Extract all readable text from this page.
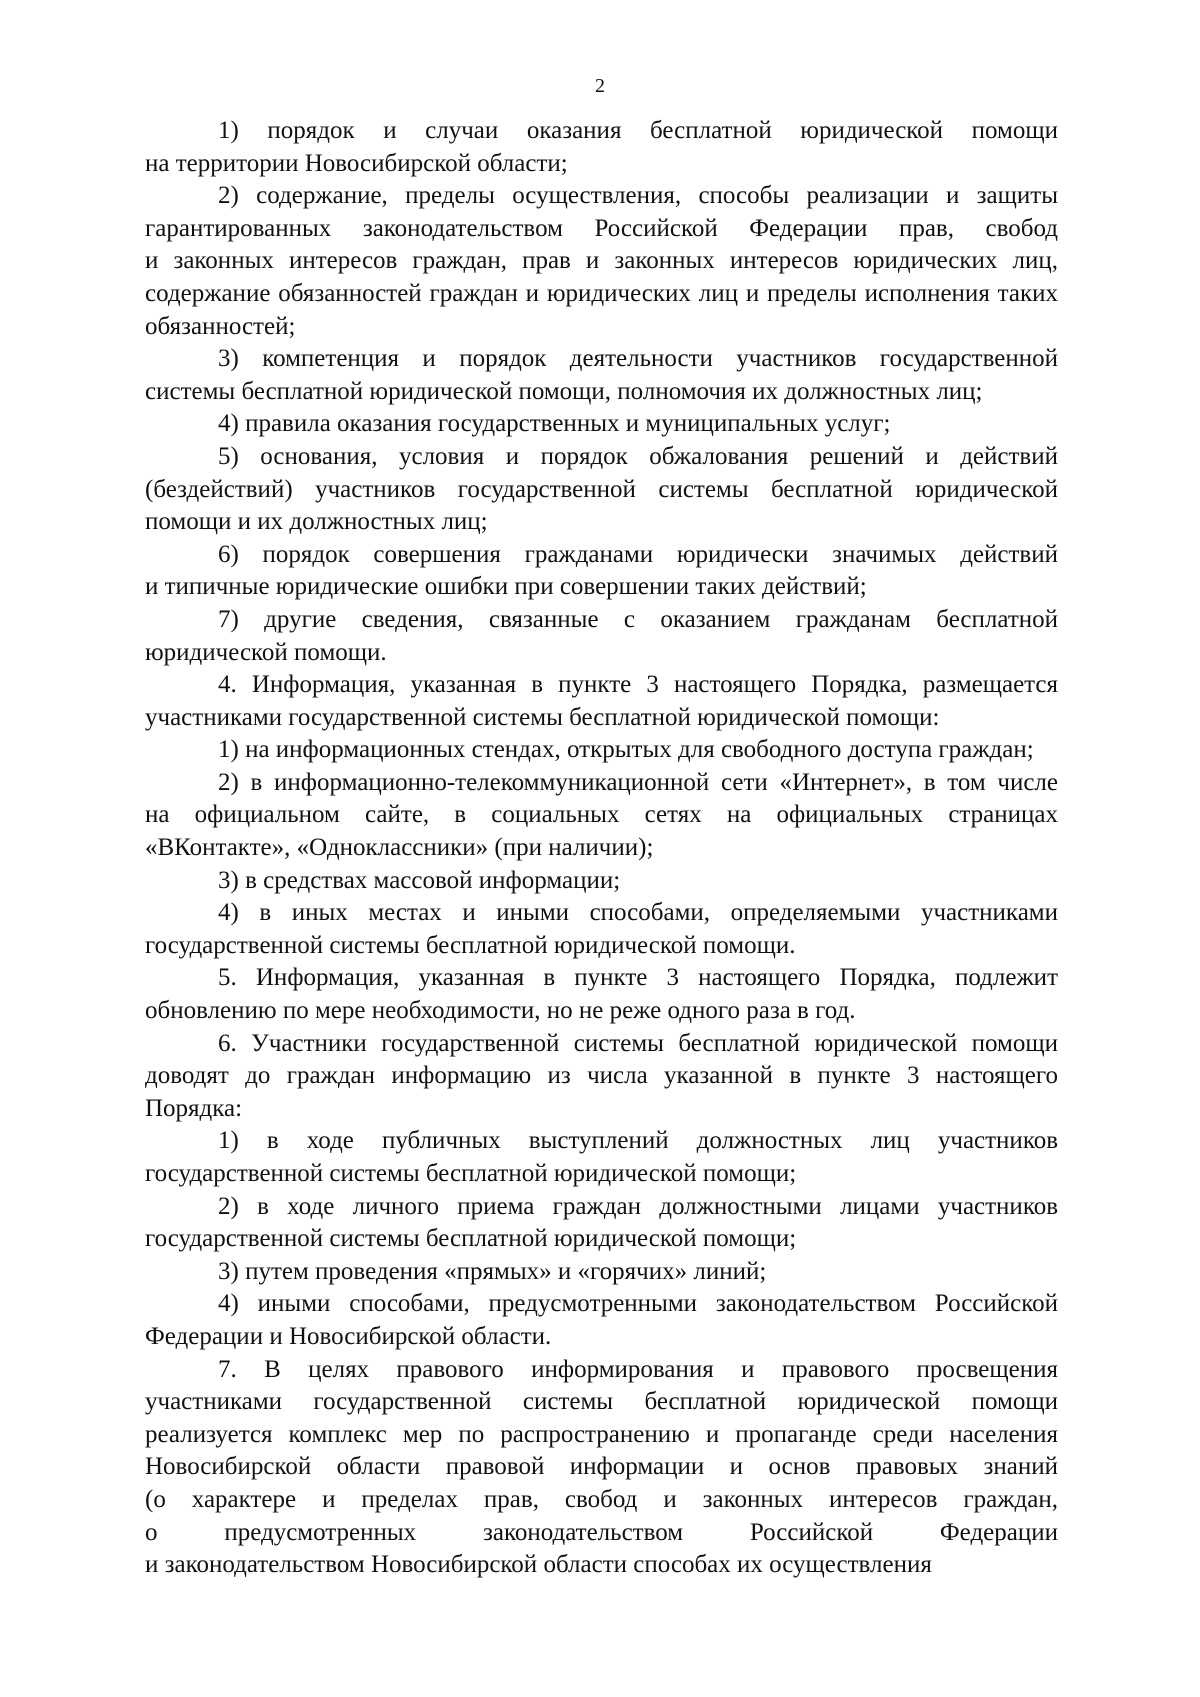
2
1) порядок и случаи оказания бесплатной юридической помощи
на территории Новосибирской области;
2) содержание, пределы осуществления, способы реализации и защиты
гарантированных законодательством Российской Федерации прав, свобод
и законных интересов граждан, прав и законных интересов юридических лиц,
содержание обязанностей граждан и юридических лиц и пределы исполнения таких
обязанностей;
3) компетенция и порядок деятельности участников государственной
системы бесплатной юридической помощи, полномочия их должностных лиц;
4) правила оказания государственных и муниципальных услуг;
5) основания, условия и порядок обжалования решений и действий
(бездействий) участников государственной системы бесплатной юридической
помощи и их должностных лиц;
6) порядок совершения гражданами юридически значимых действий
и типичные юридические ошибки при совершении таких действий;
7) другие сведения, связанные с оказанием гражданам бесплатной
юридической помощи.
4. Информация, указанная в пункте 3 настоящего Порядка, размещается
участниками государственной системы бесплатной юридической помощи:
1) на информационных стендах, открытых для свободного доступа граждан;
2) в информационно-телекоммуникационной сети «Интернет», в том числе
на официальном сайте, в социальных сетях на официальных страницах
«ВКонтакте», «Одноклассники» (при наличии);
3) в средствах массовой информации;
4) в иных местах и иными способами, определяемыми участниками
государственной системы бесплатной юридической помощи.
5. Информация, указанная в пункте 3 настоящего Порядка, подлежит
обновлению по мере необходимости, но не реже одного раза в год.
6. Участники государственной системы бесплатной юридической помощи
доводят до граждан информацию из числа указанной в пункте 3 настоящего
Порядка:
1) в ходе публичных выступлений должностных лиц участников
государственной системы бесплатной юридической помощи;
2) в ходе личного приема граждан должностными лицами участников
государственной системы бесплатной юридической помощи;
3) путем проведения «прямых» и «горячих» линий;
4) иными способами, предусмотренными законодательством Российской
Федерации и Новосибирской области.
7. В целях правового информирования и правового просвещения
участниками государственной системы бесплатной юридической помощи
реализуется комплекс мер по распространению и пропаганде среди населения
Новосибирской области правовой информации и основ правовых знаний
(о характере и пределах прав, свобод и законных интересов граждан,
о предусмотренных законодательством Российской Федерации
и законодательством Новосибирской области способах их осуществления
